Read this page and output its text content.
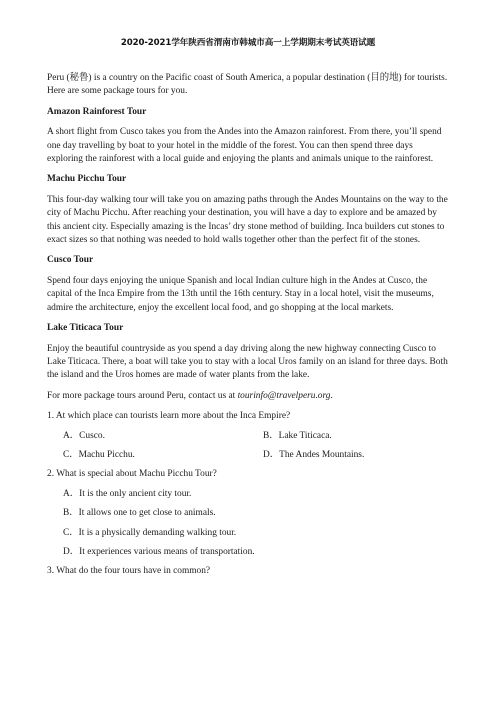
2020-2021学年陕西省渭南市韩城市高一上学期期末考试英语试题

Peru (秘鲁) is a country on the Pacific coast of South America, a popular destination (目的地) for tourists. Here are some package tours for you.

Amazon Rainforest Tour

A short flight from Cusco takes you from the Andes into the Amazon rainforest. From there, you’ll spend one day travelling by boat to your hotel in the middle of the forest. You can then spend three days exploring the rainforest with a local guide and enjoying the plants and animals unique to the rainforest.

Machu Picchu Tour

This four-day walking tour will take you on amazing paths through the Andes Mountains on the way to the city of Machu Picchu. After reaching your destination, you will have a day to explore and be amazed by this ancient city. Especially amazing is the Incas’ dry stone method of building. Inca builders cut stones to exact sizes so that nothing was needed to hold walls together other than the perfect fit of the stones.

Cusco Tour

Spend four days enjoying the unique Spanish and local Indian culture high in the Andes at Cusco, the capital of the Inca Empire from the 13th until the 16th century. Stay in a local hotel, visit the museums, admire the architecture, enjoy the excellent local food, and go shopping at the local markets.

Lake Titicaca Tour

Enjoy the beautiful countryside as you spend a day driving along the new highway connecting Cusco to Lake Titicaca. There, a boat will take you to stay with a local Uros family on an island for three days. Both the island and the Uros homes are made of water plants from the lake.

For more package tours around Peru, contact us at tourinfo@travelperu.org.

1. At which place can tourists learn more about the Inca Empire?

A．Cusco.	B．Lake Titicaca.
C．Machu Picchu.	D．The Andes Mountains.

2. What is special about Machu Picchu Tour?

A．It is the only ancient city tour.
B．It allows one to get close to animals.
C．It is a physically demanding walking tour.
D．It experiences various means of transportation.

3. What do the four tours have in common?
